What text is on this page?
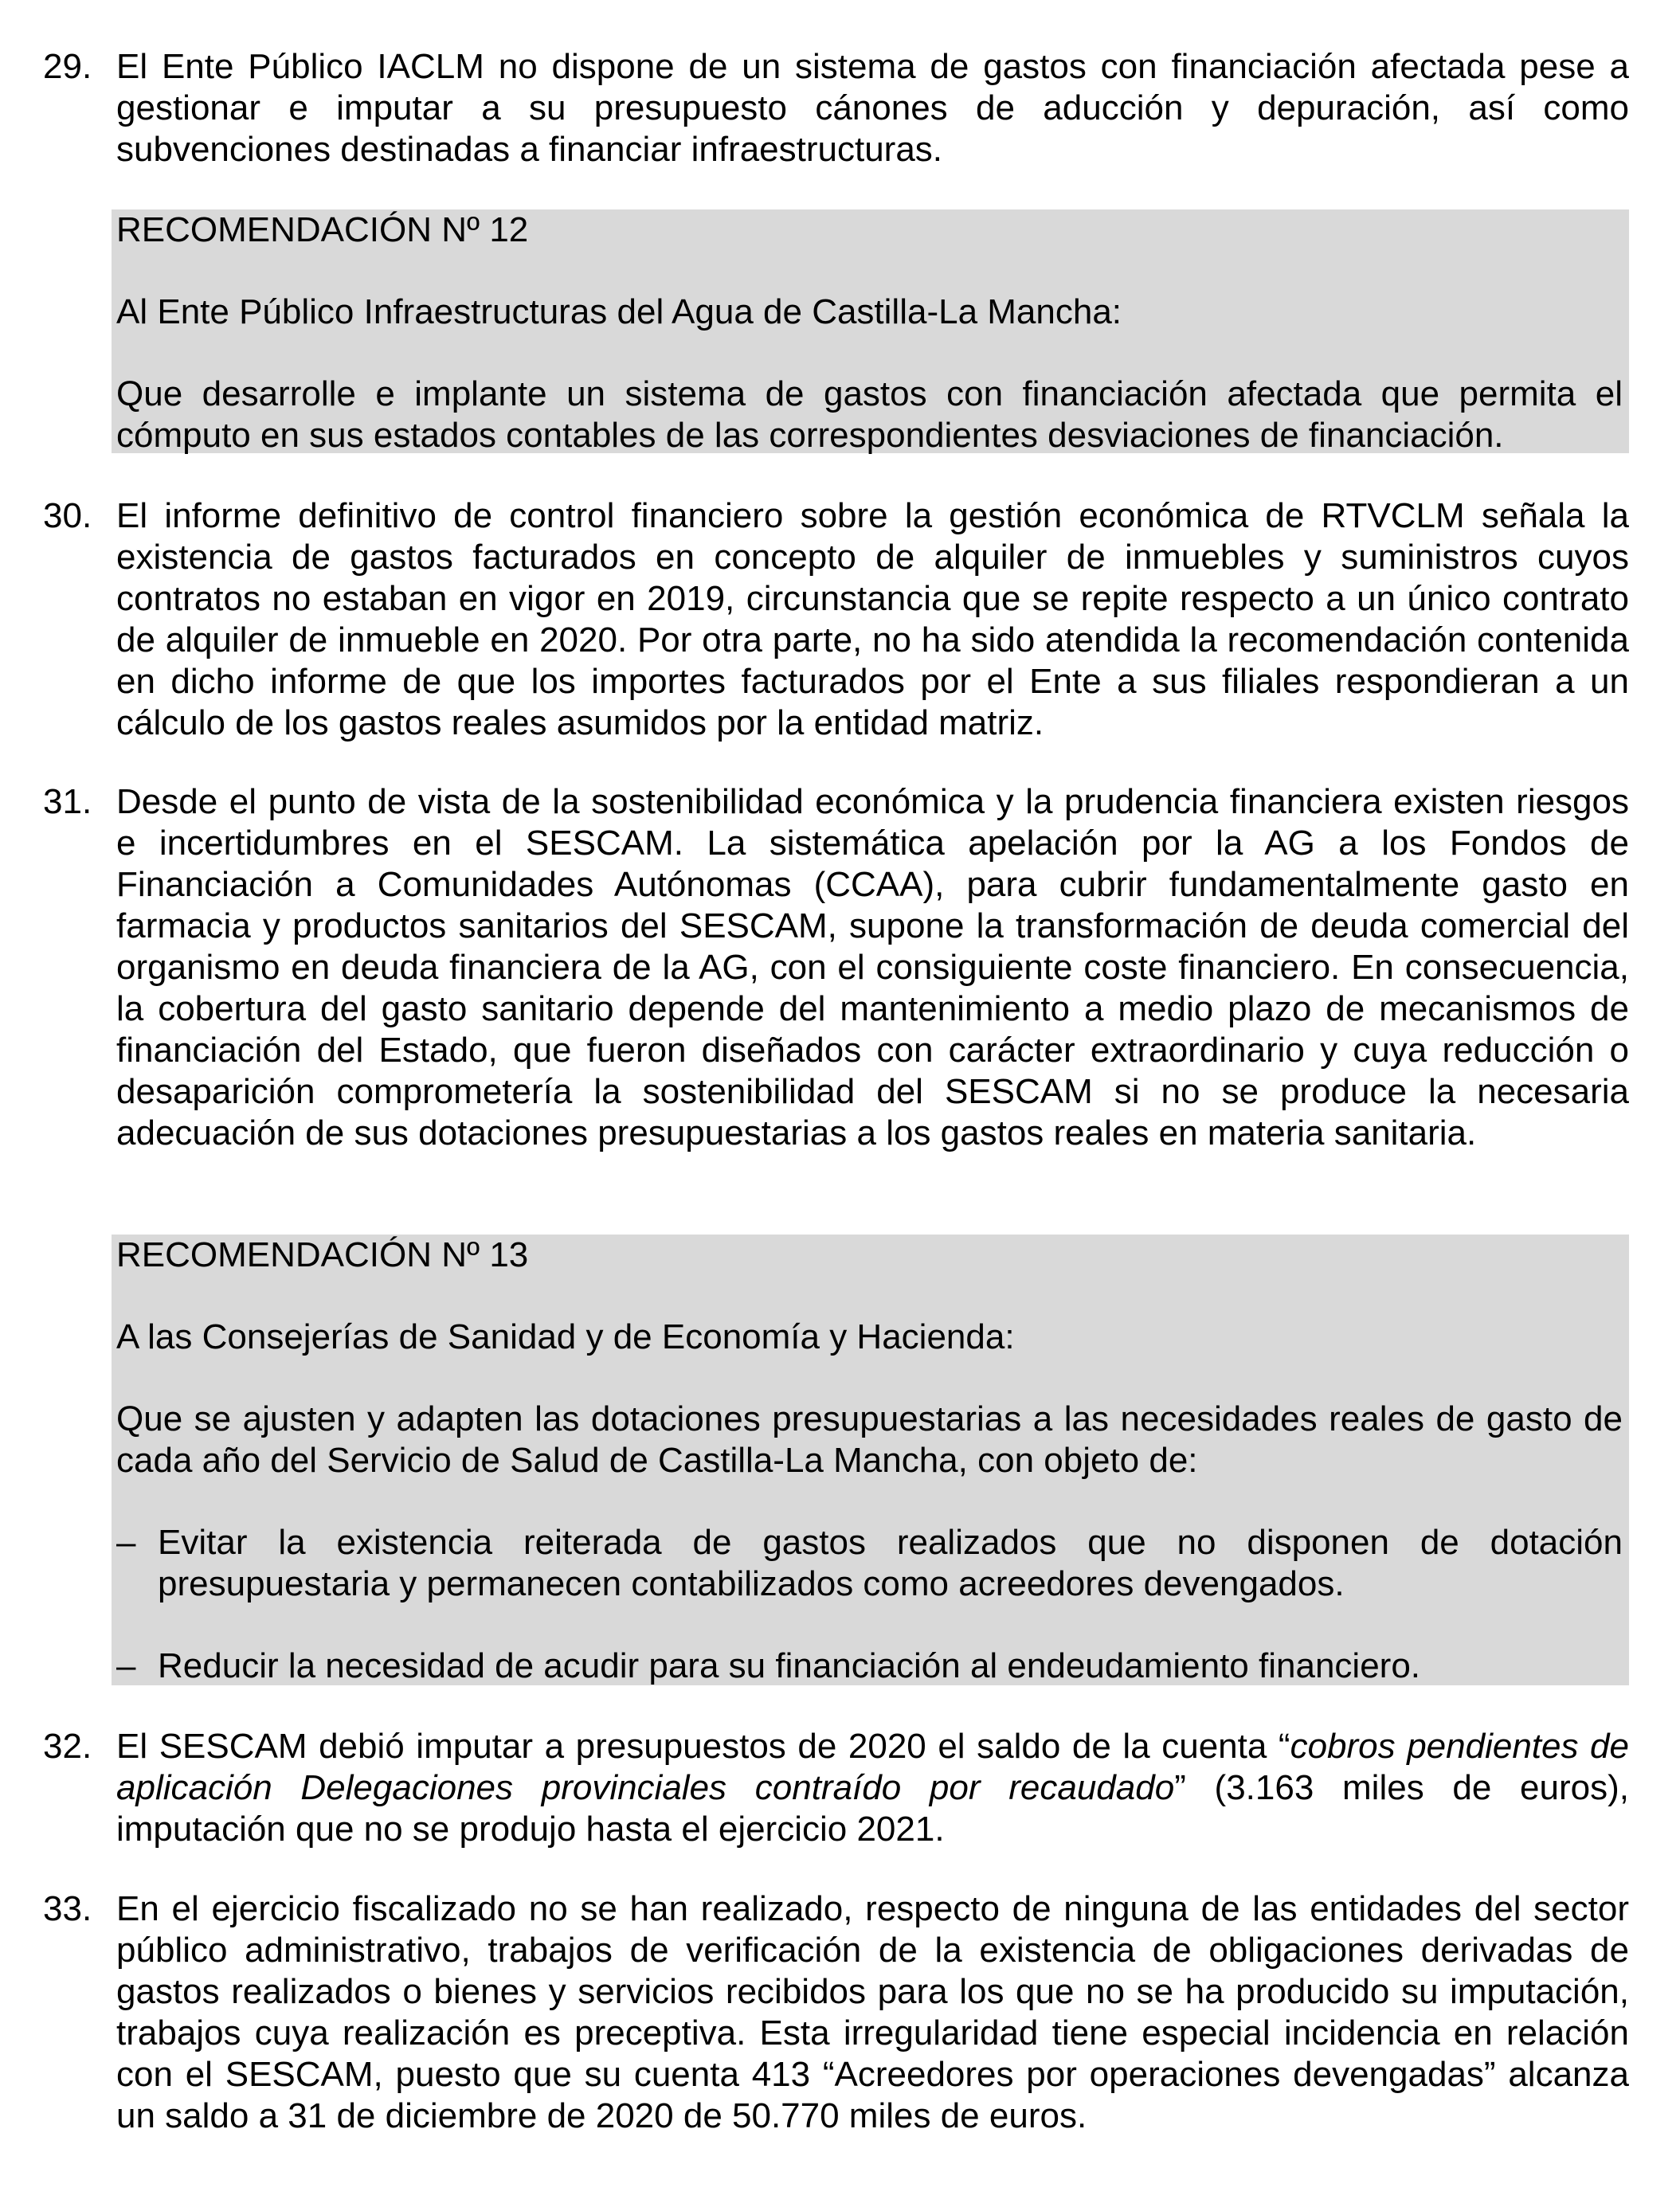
29. El Ente Público IACLM no dispone de un sistema de gastos con financiación afectada pese a gestionar e imputar a su presupuesto cánones de aducción y depuración, así como subvenciones destinadas a financiar infraestructuras.

RECOMENDACIÓN Nº 12

Al Ente Público Infraestructuras del Agua de Castilla-La Mancha:

Que desarrolle e implante un sistema de gastos con financiación afectada que permita el cómputo en sus estados contables de las correspondientes desviaciones de financiación.

30. El informe definitivo de control financiero sobre la gestión económica de RTVCLM señala la existencia de gastos facturados en concepto de alquiler de inmuebles y suministros cuyos contratos no estaban en vigor en 2019, circunstancia que se repite respecto a un único contrato de alquiler de inmueble en 2020. Por otra parte, no ha sido atendida la recomendación contenida en dicho informe de que los importes facturados por el Ente a sus filiales respondieran a un cálculo de los gastos reales asumidos por la entidad matriz.
31. Desde el punto de vista de la sostenibilidad económica y la prudencia financiera existen riesgos e incertidumbres en el SESCAM. La sistemática apelación por la AG a los Fondos de Financiación a Comunidades Autónomas (CCAA), para cubrir fundamentalmente gasto en farmacia y productos sanitarios del SESCAM, supone la transformación de deuda comercial del organismo en deuda financiera de la AG, con el consiguiente coste financiero. En consecuencia, la cobertura del gasto sanitario depende del mantenimiento a medio plazo de mecanismos de financiación del Estado, que fueron diseñados con carácter extraordinario y cuya reducción o desaparición comprometería la sostenibilidad del SESCAM si no se produce la necesaria adecuación de sus dotaciones presupuestarias a los gastos reales en materia sanitaria.

RECOMENDACIÓN Nº 13

A las Consejerías de Sanidad y de Economía y Hacienda:

Que se ajusten y adapten las dotaciones presupuestarias a las necesidades reales de gasto de cada año del Servicio de Salud de Castilla-La Mancha, con objeto de:

– Evitar la existencia reiterada de gastos realizados que no disponen de dotación presupuestaria y permanecen contabilizados como acreedores devengados.

– Reducir la necesidad de acudir para su financiación al endeudamiento financiero.

32. El SESCAM debió imputar a presupuestos de 2020 el saldo de la cuenta “cobros pendientes de aplicación Delegaciones provinciales contraído por recaudado” (3.163 miles de euros), imputación que no se produjo hasta el ejercicio 2021.
33. En el ejercicio fiscalizado no se han realizado, respecto de ninguna de las entidades del sector público administrativo, trabajos de verificación de la existencia de obligaciones derivadas de gastos realizados o bienes y servicios recibidos para los que no se ha producido su imputación, trabajos cuya realización es preceptiva. Esta irregularidad tiene especial incidencia en relación con el SESCAM, puesto que su cuenta 413 “Acreedores por operaciones devengadas” alcanza un saldo a 31 de diciembre de 2020 de 50.770 miles de euros.
